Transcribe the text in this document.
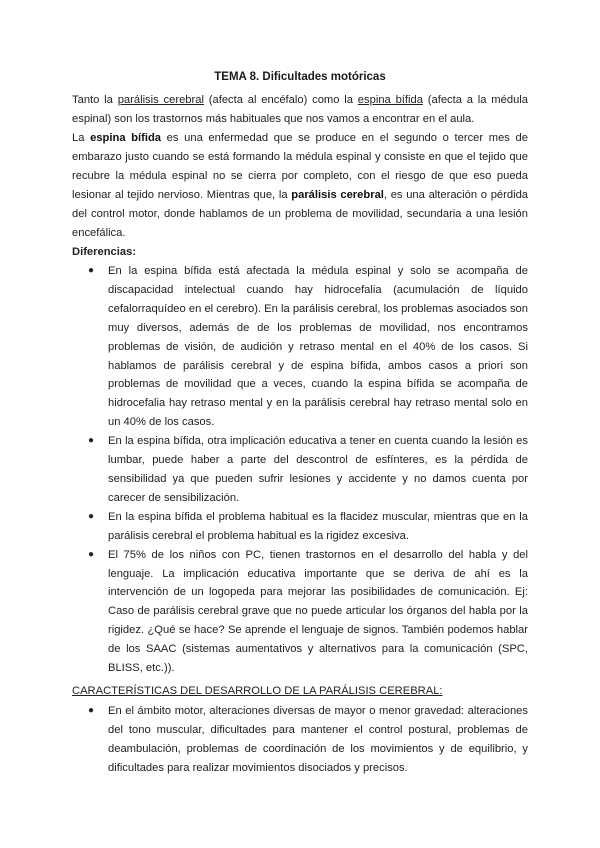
TEMA 8. Dificultades motóricas

Tanto la parálisis cerebral (afecta al encéfalo) como la espina bífida (afecta a la médula espinal) son los trastornos más habituales que nos vamos a encontrar en el aula.

La espina bífida es una enfermedad que se produce en el segundo o tercer mes de embarazo justo cuando se está formando la médula espinal y consiste en que el tejido que recubre la médula espinal no se cierra por completo, con el riesgo de que eso pueda lesionar al tejido nervioso. Mientras que, la parálisis cerebral, es una alteración o pérdida del control motor, donde hablamos de un problema de movilidad, secundaria a una lesión encefálica.

Diferencias:

● En la espina bífida está afectada la médula espinal y solo se acompaña de discapacidad intelectual cuando hay hidrocefalia (acumulación de líquido cefalorraquídeo en el cerebro). En la parálisis cerebral, los problemas asociados son muy diversos, además de de los problemas de movilidad, nos encontramos problemas de visión, de audición y retraso mental en el 40% de los casos. Si hablamos de parálisis cerebral y de espina bífida, ambos casos a priori son problemas de movilidad que a veces, cuando la espina bífida se acompaña de hidrocefalia hay retraso mental y en la parálisis cerebral hay retraso mental solo en un 40% de los casos.
● En la espina bífida, otra implicación educativa a tener en cuenta cuando la lesión es lumbar, puede haber a parte del descontrol de esfínteres, es la pérdida de sensibilidad ya que pueden sufrir lesiones y accidente y no damos cuenta por carecer de sensibilización.
● En la espina bífida el problema habitual es la flacidez muscular, mientras que en la parálisis cerebral el problema habitual es la rigidez excesiva.
● El 75% de los niños con PC, tienen trastornos en el desarrollo del habla y del lenguaje. La implicación educativa importante que se deriva de ahí es la intervención de un logopeda para mejorar las posibilidades de comunicación. Ej: Caso de parálisis cerebral grave que no puede articular los órganos del habla por la rigidez. ¿Qué se hace? Se aprende el lenguaje de signos. También podemos hablar de los SAAC (sistemas aumentativos y alternativos para la comunicación (SPC, BLISS, etc.)).

CARACTERÍSTICAS DEL DESARROLLO DE LA PARÁLISIS CEREBRAL:

● En el ámbito motor, alteraciones diversas de mayor o menor gravedad: alteraciones del tono muscular, dificultades para mantener el control postural, problemas de deambulación, problemas de coordinación de los movimientos y de equilibrio, y dificultades para realizar movimientos disociados y precisos.
